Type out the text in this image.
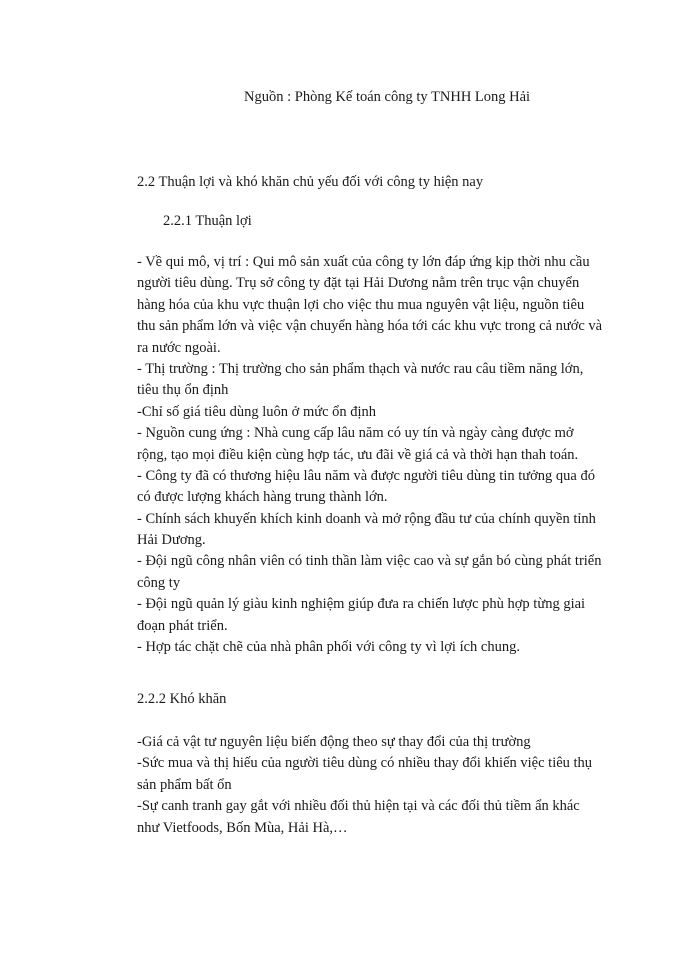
Nguồn : Phòng Kế toán công ty TNHH Long Hải
2.2 Thuận lợi và khó khăn chủ yếu đối với công ty hiện nay
2.2.1 Thuận lợi
- Về qui mô, vị trí : Qui mô sản xuất của công ty lớn đáp ứng kịp thời nhu cầu
người tiêu dùng. Trụ sở công ty đặt tại Hải Dương nằm trên trục vận chuyển
hàng hóa của khu vực thuận lợi cho việc thu mua nguyên vật liệu, nguồn tiêu
thu sản phẩm lớn và việc vận chuyển hàng hóa tới các khu vực trong cả nước và
ra nước ngoài.
- Thị trường : Thị trường cho sản phẩm thạch và nước rau câu tiềm năng lớn,
tiêu thụ ổn định
-Chỉ số giá tiêu dùng luôn ở mức ổn định
- Nguồn cung ứng : Nhà cung cấp lâu năm có uy tín và ngày càng được mở
rộng, tạo mọi điều kiện cùng hợp tác, ưu đãi về giá cả và thời hạn thah toán.
- Công ty đã có thương hiệu lâu năm và được người tiêu dùng tin tưởng qua đó
có được lượng khách hàng trung thành lớn.
- Chính sách khuyến khích kinh doanh và mở rộng đầu tư của chính quyền tỉnh
Hải Dương.
- Đội ngũ công nhân viên có tinh thần làm việc cao và sự gắn bó cùng phát triển
công ty
- Đội ngũ quản lý giàu kinh nghiệm giúp đưa ra chiến lược phù hợp từng giai
đoạn phát triển.
- Hợp tác chặt chẽ của nhà phân phối với công ty vì lợi ích chung.
2.2.2 Khó khăn
-Giá cả vật tư nguyên liệu biến động theo sự thay đổi của thị trường
-Sức mua và thị hiếu của người tiêu dùng có nhiều thay đổi khiến việc tiêu thụ
sản phẩm bất ổn
-Sự canh tranh gay gắt với nhiều đối thủ hiện tại và các đối thủ tiềm ẩn khác
như Vietfoods, Bốn Mùa, Hải Hà,…
